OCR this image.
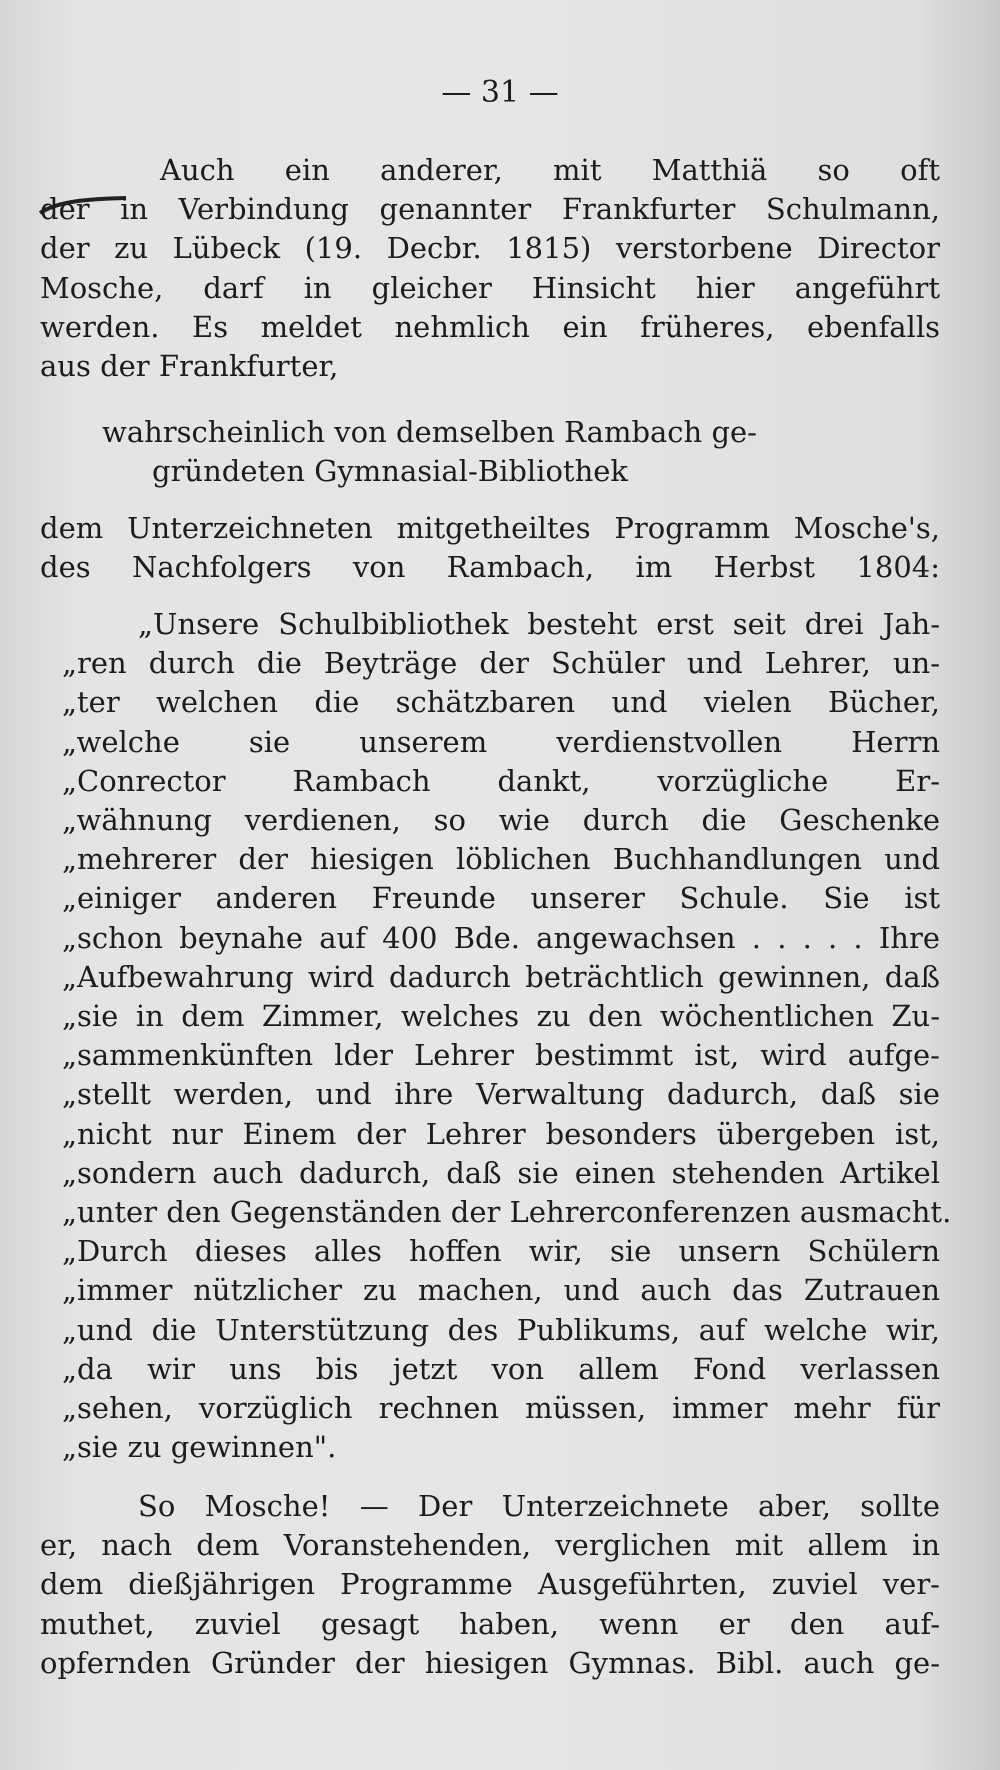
— 31 —
Auch ein anderer, mit Matthiä so oft
der in Verbindung genannter Frankfurter Schulmann,
der zu Lübeck (19. Decbr. 1815) verstorbene Director
Mosche, darf in gleicher Hinsicht hier angeführt
werden. Es meldet nehmlich ein früheres, ebenfalls
aus der Frankfurter,
wahrscheinlich von demselben Rambach ge-
gründeten Gymnasial-Bibliothek
dem Unterzeichneten mitgetheiltes Programm Mosche's,
des Nachfolgers von Rambach, im Herbst 1804:
„Unsere Schulbibliothek besteht erst seit drei Jah-
„ren durch die Beyträge der Schüler und Lehrer, un-
„ter welchen die schätzbaren und vielen Bücher,
„welche sie unserem verdienstvollen Herrn
„Conrector Rambach dankt, vorzügliche Er-
„wähnung verdienen, so wie durch die Geschenke
„mehrerer der hiesigen löblichen Buchhandlungen und
„einiger anderen Freunde unserer Schule. Sie ist
„schon beynahe auf 400 Bde. angewachsen . . . . . Ihre
„Aufbewahrung wird dadurch beträchtlich gewinnen, daß
„sie in dem Zimmer, welches zu den wöchentlichen Zu-
„sammenkünften lder Lehrer bestimmt ist, wird aufge-
„stellt werden, und ihre Verwaltung dadurch, daß sie
„nicht nur Einem der Lehrer besonders übergeben ist,
„sondern auch dadurch, daß sie einen stehenden Artikel
„unter den Gegenständen der Lehrerconferenzen ausmacht.
„Durch dieses alles hoffen wir, sie unsern Schülern
„immer nützlicher zu machen, und auch das Zutrauen
„und die Unterstützung des Publikums, auf welche wir,
„da wir uns bis jetzt von allem Fond verlassen
„sehen, vorzüglich rechnen müssen, immer mehr für
„sie zu gewinnen".
So Mosche! — Der Unterzeichnete aber, sollte
er, nach dem Voranstehenden, verglichen mit allem in
dem dießjährigen Programme Ausgeführten, zuviel ver-
muthet, zuviel gesagt haben, wenn er den auf-
opfernden Gründer der hiesigen Gymnas. Bibl. auch ge-
